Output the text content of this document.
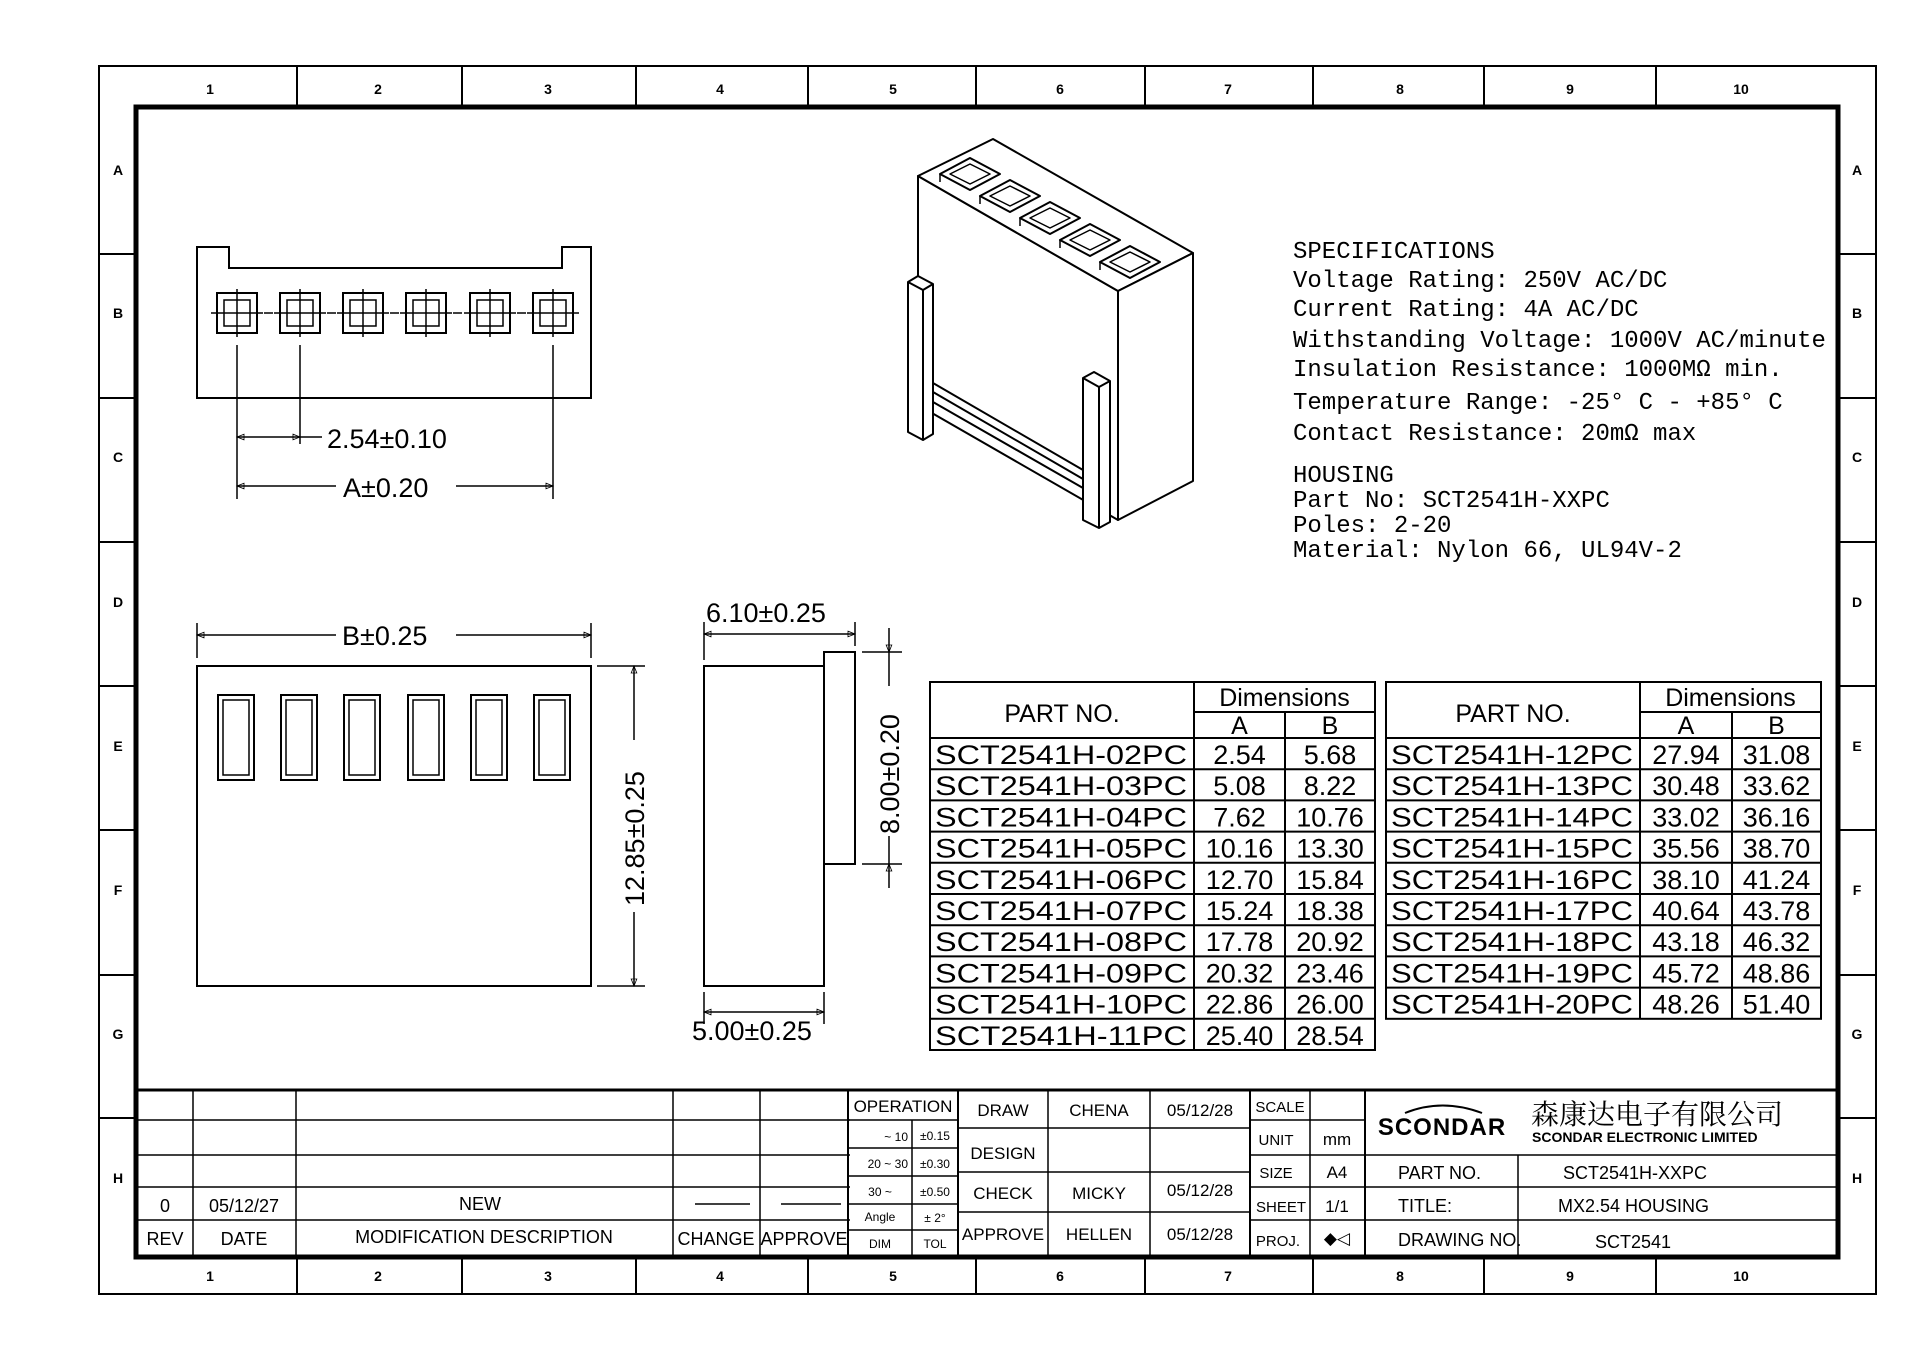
1
1
2
2
3
3
4
4
5
5
6
6
7
7
8
8
9
9
10
10
A	A
B	B
C	C
D	D
E	E
F	F
G	G
H	H
2.54±0.10
A±0.20
SPECIFICATIONS
Voltage Rating: 250V AC/DC
Current Rating: 4A AC/DC
Withstanding Voltage: 1000V AC/minute
Insulation Resistance: 1000MΩ min.
Temperature Range: -25° C - +85° C
Contact Resistance: 20mΩ max
HOUSING
Part No: SCT2541H-XXPC
Poles: 2-20
Material: Nylon 66, UL94V-2
B±0.25
12.85±0.25
6.10±0.25
5.00±0.25
8.00±0.20
PART NO.
Dimensions
A	B
SCT2541H-02PC 2.54 5.68
SCT2541H-03PC 5.08 8.22
SCT2541H-04PC 7.62 10.76
SCT2541H-05PC 10.16 13.30
SCT2541H-06PC 12.70 15.84
SCT2541H-07PC 15.24 18.38
SCT2541H-08PC 17.78 20.92
SCT2541H-09PC 20.32 23.46
SCT2541H-10PC 22.86 26.00
SCT2541H-11PC 25.40 28.54
PART NO.
Dimensions
A	B
SCT2541H-12PC 27.94 31.08
SCT2541H-13PC 30.48 33.62
SCT2541H-14PC 33.02 36.16
SCT2541H-15PC 35.56 38.70
SCT2541H-16PC 38.10 41.24
SCT2541H-17PC 40.64 43.78
SCT2541H-18PC 43.18 46.32
SCT2541H-19PC 45.72 48.86
SCT2541H-20PC 48.26 51.40
0 05/12/27	NEW
REV DATE	MODIFICATION DESCRIPTION	CHANGE APPROVE
OPERATION
~ 10 ±0.15
20 ~ 30 ±0.30
30 ~ ±0.50
Angle ± 2°
DIM	TOL
DRAW CHENA 05/12/28
DESIGN
CHECK MICKY 05/12/28
APPROVE HELLEN 05/12/28
SCALE
UNIT mm
SIZE A4
SHEET 1/1
PROJ. ◆◁
SCONDAR 森康达电子有限公司
SCONDAR ELECTRONIC LIMITED
PART NO.	SCT2541H-XXPC
TITLE:	MX2.54 HOUSING
DRAWING NO.	SCT2541
